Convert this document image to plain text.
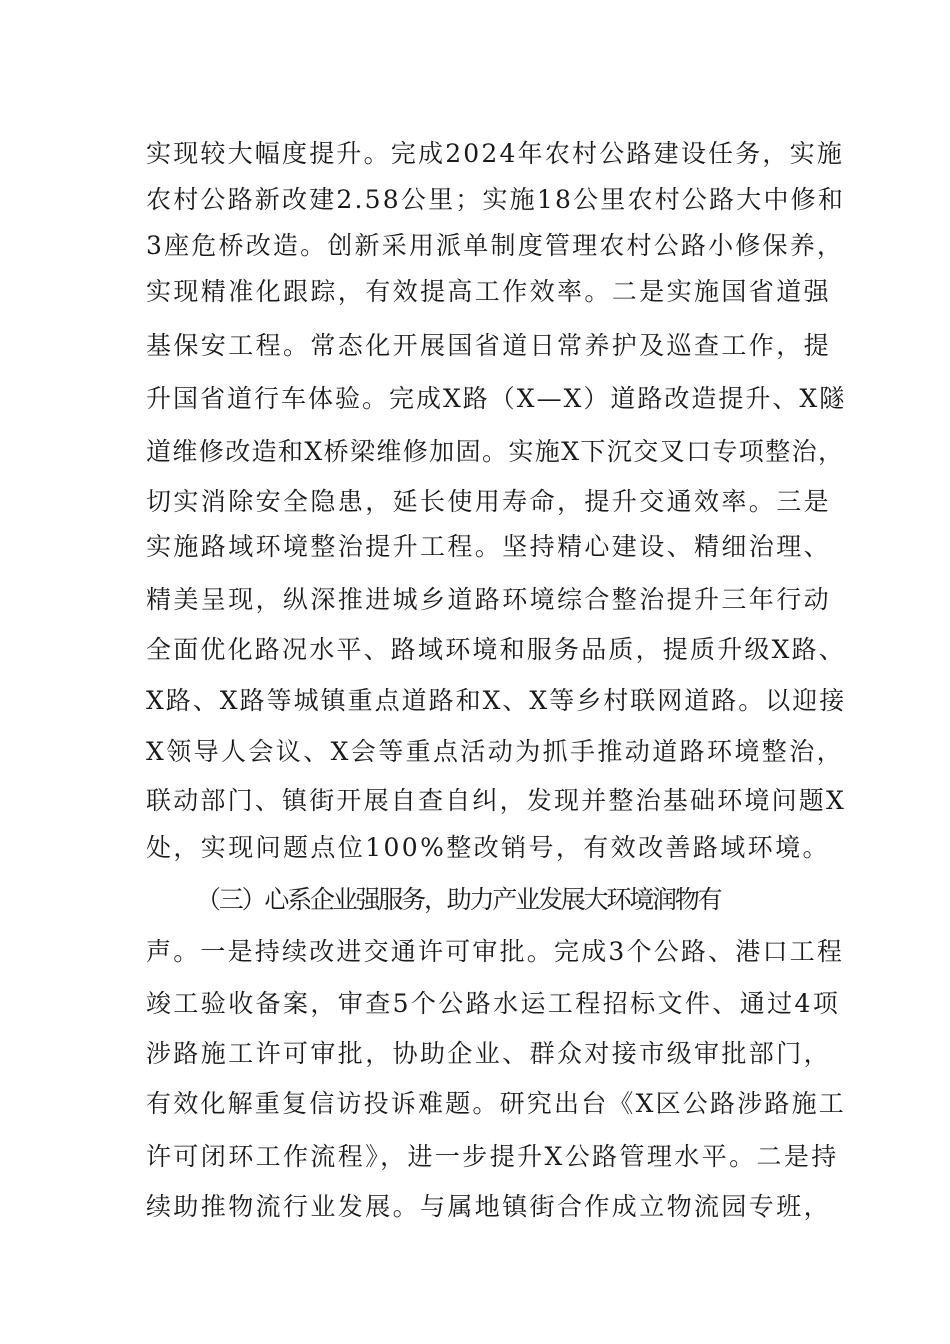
实现较大幅度提升。完成2024年农村公路建设任务，实施
农村公路新改建2.58公里；实施18公里农村公路大中修和
3座危桥改造。创新采用派单制度管理农村公路小修保养，
实现精准化跟踪，有效提高工作效率。二是实施国省道强
基保安工程。常态化开展国省道日常养护及巡查工作，提
升国省道行车体验。完成X路（X—X）道路改造提升、X隧
道维修改造和X桥梁维修加固。实施X下沉交叉口专项整治，
切实消除安全隐患，延长使用寿命，提升交通效率。三是
实施路域环境整治提升工程。坚持精心建设、精细治理、
精美呈现，纵深推进城乡道路环境综合整治提升三年行动
全面优化路况水平、路域环境和服务品质，提质升级X路、
X路、X路等城镇重点道路和X、X等乡村联网道路。以迎接
X领导人会议、X会等重点活动为抓手推动道路环境整治，
联动部门、镇街开展自查自纠，发现并整治基础环境问题X
处，实现问题点位100%整改销号，有效改善路域环境。
（三）心系企业强服务，助力产业发展大环境润物有
声。一是持续改进交通许可审批。完成3个公路、港口工程
竣工验收备案，审查5个公路水运工程招标文件、通过4项
涉路施工许可审批，协助企业、群众对接市级审批部门，
有效化解重复信访投诉难题。研究出台《X区公路涉路施工
许可闭环工作流程》，进一步提升X公路管理水平。二是持
续助推物流行业发展。与属地镇街合作成立物流园专班，
